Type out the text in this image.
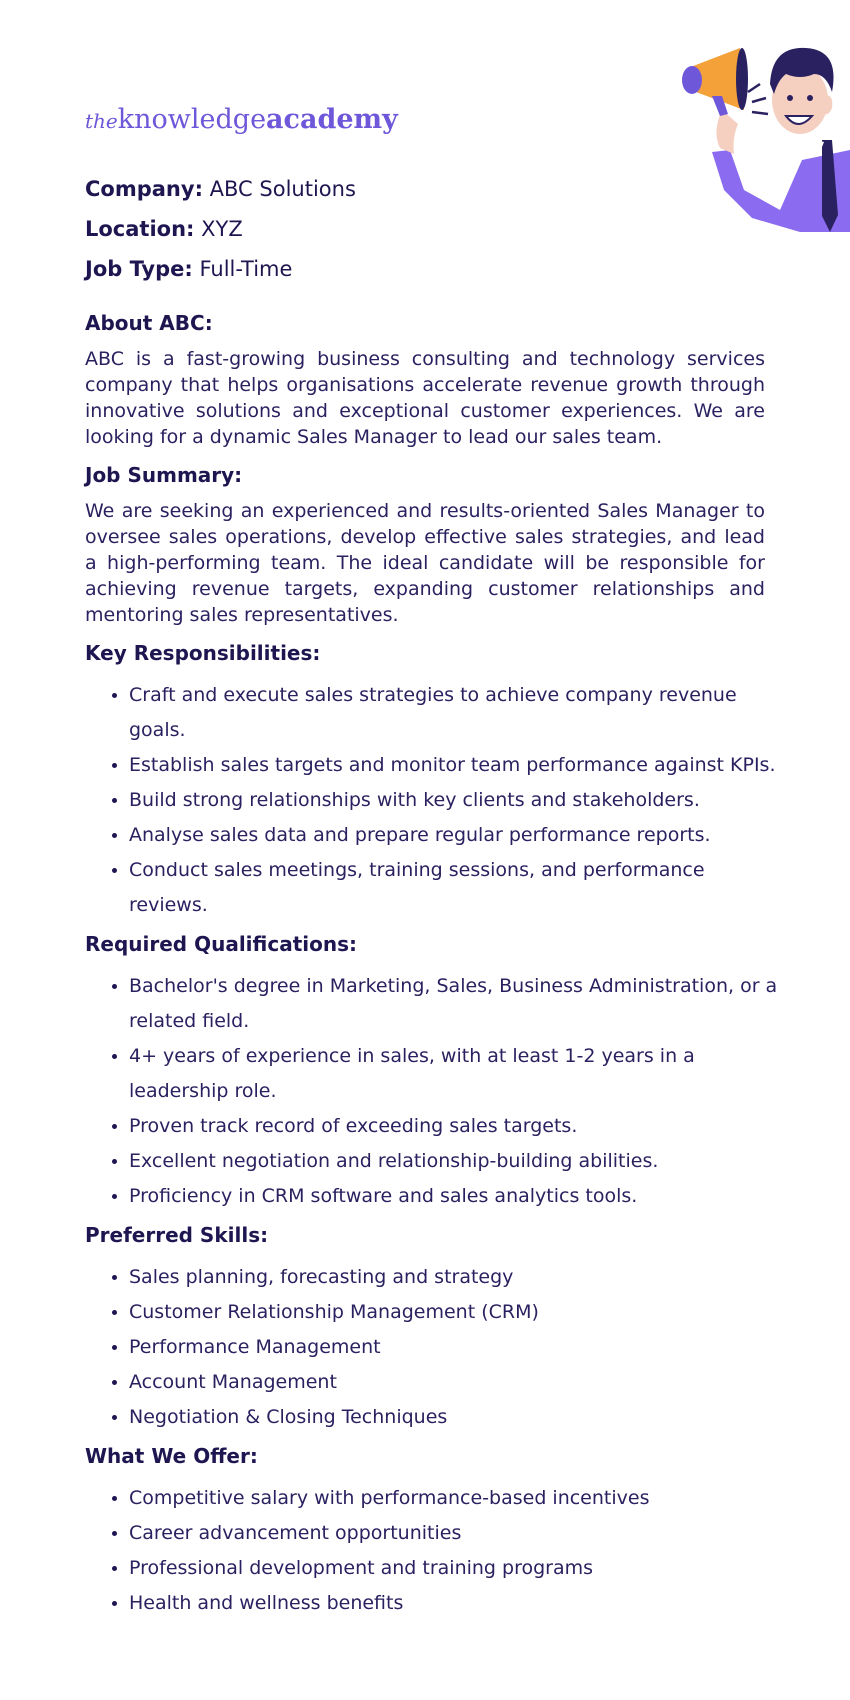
theknowledgeacademy
Company: ABC Solutions
Location: XYZ
Job Type: Full-Time
About ABC:

ABC is a fast-growing business consulting and technology services company that helps organisations accelerate revenue growth through innovative solutions and exceptional customer experiences. We are looking for a dynamic Sales Manager to lead our sales team.

Job Summary:

We are seeking an experienced and results-oriented Sales Manager to oversee sales operations, develop effective sales strategies, and lead a high-performing team. The ideal candidate will be responsible for achieving revenue targets, expanding customer relationships and mentoring sales representatives.

Key Responsibilities:
• Craft and execute sales strategies to achieve company revenue goals.
• Establish sales targets and monitor team performance against KPIs.
• Build strong relationships with key clients and stakeholders.
• Analyse sales data and prepare regular performance reports.
• Conduct sales meetings, training sessions, and performance reviews.
Required Qualifications:
• Bachelor's degree in Marketing, Sales, Business Administration, or a related field.
• 4+ years of experience in sales, with at least 1-2 years in a leadership role.
• Proven track record of exceeding sales targets.
• Excellent negotiation and relationship-building abilities.
• Proficiency in CRM software and sales analytics tools.
Preferred Skills:
• Sales planning, forecasting and strategy
• Customer Relationship Management (CRM)
• Performance Management
• Account Management
• Negotiation & Closing Techniques
What We Offer:
• Competitive salary with performance-based incentives
• Career advancement opportunities
• Professional development and training programs
• Health and wellness benefits
